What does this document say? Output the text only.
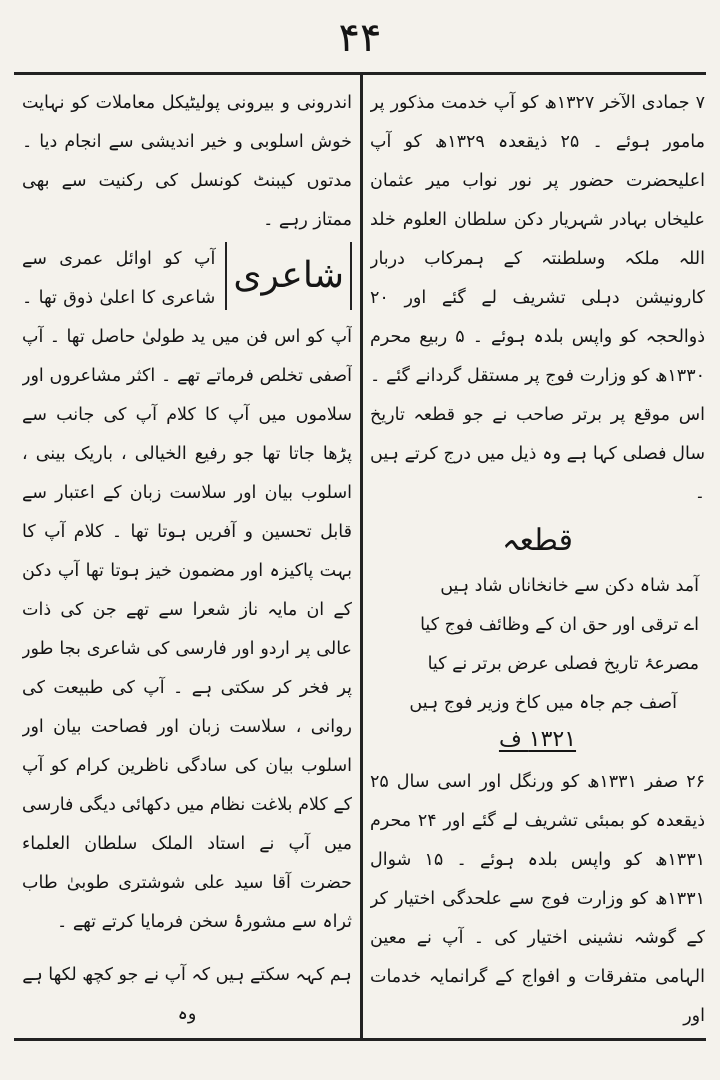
۴۴

۷ جمادی الآخر ۱۳۲۷ھ کو آپ خدمت مذکور پر مامور ہوئے ۔ ۲۵ ذیقعدہ ۱۳۲۹ھ کو آپ اعلیحضرت حضور پر نور نواب میر عثمان علیخاں بہادر شہریار دکن سلطان العلوم خلد اللہ ملکہ وسلطنتہ کے ہمرکاب دربار کارونیشن دہلی تشریف لے گئے اور ۲۰ ذوالحجہ کو واپس بلدہ ہوئے ۔ ۵ ربیع محرم ۱۳۳۰ھ کو وزارت فوج پر مستقل گردانے گئے ۔ اس موقع پر برتر صاحب نے جو قطعہ تاریخ سال فصلی کہا ہے وہ ذیل میں درج کرتے ہیں ۔

قطعہ

آمد شاہ دکن سے خانخاناں شاد ہیں

اے ترقی اور حق ان کے وظائف فوج کیا

مصرعۂ تاریخ فصلی عرض برتر نے کیا

آصف جم جاہ میں کاخ وزیر فوج ہیں

۱۳۲۱ ف

۲۶ صفر ۱۳۳۱ھ کو ورنگل اور اسی سال ۲۵ ذیقعدہ کو بمبئی تشریف لے گئے اور ۲۴ محرم ۱۳۳۱ھ کو واپس بلدہ ہوئے ۔ ۱۵ شوال ۱۳۳۱ھ کو وزارت فوج سے علحدگی اختیار کر کے گوشہ نشینی اختیار کی ۔ آپ نے معین الہامی متفرقات و افواج کے گرانمایہ خدمات اور

اندرونی و بیرونی پولیٹیکل معاملات کو نہایت خوش اسلوبی و خیر اندیشی سے انجام دیا ۔ مدتوں کیبنٹ کونسل کی رکنیت سے بھی ممتاز رہے ۔

شاعری

آپ کو اوائل عمری سے شاعری کا اعلیٰ ذوق تھا ۔ آپ کو اس فن میں ید طولیٰ حاصل تھا ۔ آپ آصفی تخلص فرماتے تھے ۔ اکثر مشاعروں اور سلاموں میں آپ کا کلام آپ کی جانب سے پڑھا جاتا تھا جو رفیع الخیالی ، باریک بینی ، اسلوب بیان اور سلاست زبان کے اعتبار سے قابل تحسین و آفریں ہوتا تھا ۔ کلام آپ کا بہت پاکیزہ اور مضمون خیز ہوتا تھا آپ دکن کے ان مایہ ناز شعرا سے تھے جن کی ذات عالی پر اردو اور فارسی کی شاعری بجا طور پر فخر کر سکتی ہے ۔ آپ کی طبیعت کی روانی ، سلاست زبان اور فصاحت بیان اور اسلوب بیان کی سادگی ناظرین کرام کو آپ کے کلام بلاغت نظام میں دکھائی دیگی فارسی میں آپ نے استاد الملک سلطان العلماء حضرت آقا سید علی شوشتری طوبیٰ طاب ثراہ سے مشورۂ سخن فرمایا کرتے تھے ۔

ہم کہہ سکتے ہیں کہ آپ نے جو کچھ لکھا ہے وہ
